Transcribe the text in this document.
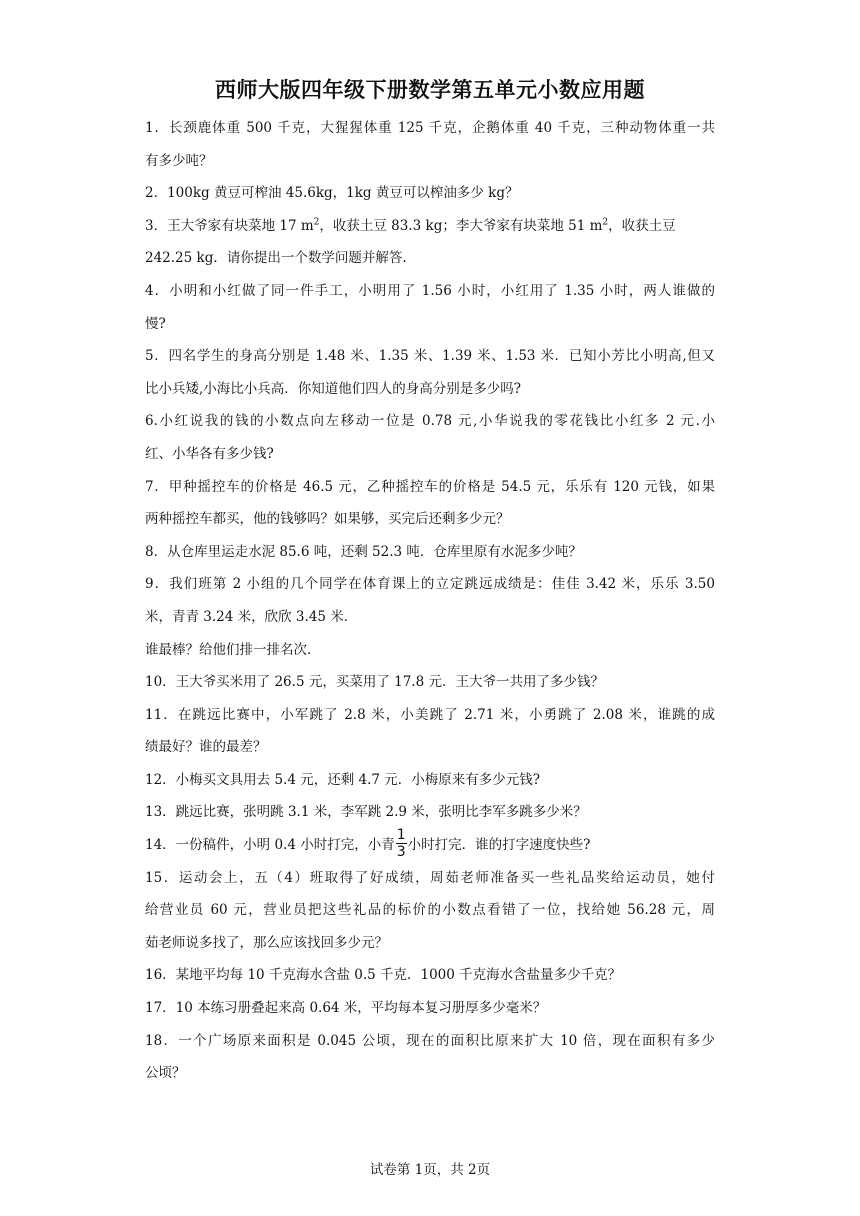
西师大版四年级下册数学第五单元小数应用题
1．长颈鹿体重 500 千克，大猩猩体重 125 千克，企鹅体重 40 千克，三种动物体重一共
有多少吨？
2．100kg 黄豆可榨油 45.6kg，1kg 黄豆可以榨油多少 kg？
3．王大爷家有块菜地 17 $m^2$，收获土豆 83.3 kg；李大爷家有块菜地 51 $m^2$，收获土豆
242.25 kg．请你提出一个数学问题并解答.
4．小明和小红做了同一件手工，小明用了 1.56 小时，小红用了 1.35 小时，两人谁做的
慢?
5．四名学生的身高分别是 1.48 米、1.35 米、1.39 米、1.53 米．已知小芳比小明高,但又
比小兵矮,小海比小兵高．你知道他们四人的身高分别是多少吗?
6.小红说我的钱的小数点向左移动一位是 0.78 元,小华说我的零花钱比小红多 2 元.小
红、小华各有多少钱?
7．甲种摇控车的价格是 46.5 元，乙种摇控车的价格是 54.5 元，乐乐有 120 元钱，如果
两种摇控车都买，他的钱够吗？如果够，买完后还剩多少元？
8．从仓库里运走水泥 85.6 吨，还剩 52.3 吨．仓库里原有水泥多少吨？
9．我们班第 2 小组的几个同学在体育课上的立定跳远成绩是：佳佳 3.42 米，乐乐 3.50
米，青青 3.24 米，欣欣 3.45 米．
谁最棒？给他们排一排名次．
10．王大爷买米用了 26.5 元，买菜用了 17.8 元．王大爷一共用了多少钱？
11．在跳远比赛中，小军跳了 2.8 米，小美跳了 2.71 米，小勇跳了 2.08 米，谁跳的成
绩最好？谁的最差？
12．小梅买文具用去 5.4 元，还剩 4.7 元．小梅原来有多少元钱?
13．跳远比赛，张明跳 3.1 米，李军跳 2.9 米，张明比李军多跳多少米？
14．一份稿件，小明 0.4 小时打完，小青 $\frac{1}{3}$ 小时打完．谁的打字速度快些?
15．运动会上，五（4）班取得了好成绩，周茹老师准备买一些礼品奖给运动员，她付
给营业员 60 元，营业员把这些礼品的标价的小数点看错了一位，找给她 56.28 元，周
茹老师说多找了，那么应该找回多少元？
16．某地平均每 10 千克海水含盐 0.5 千克．1000 千克海水含盐量多少千克？
17．10 本练习册叠起来高 0.64 米，平均每本复习册厚多少毫米？
18．一个广场原来面积是 0.045 公顷，现在的面积比原来扩大 10 倍，现在面积有多少
公顷？
试卷第 1页，共 2页
